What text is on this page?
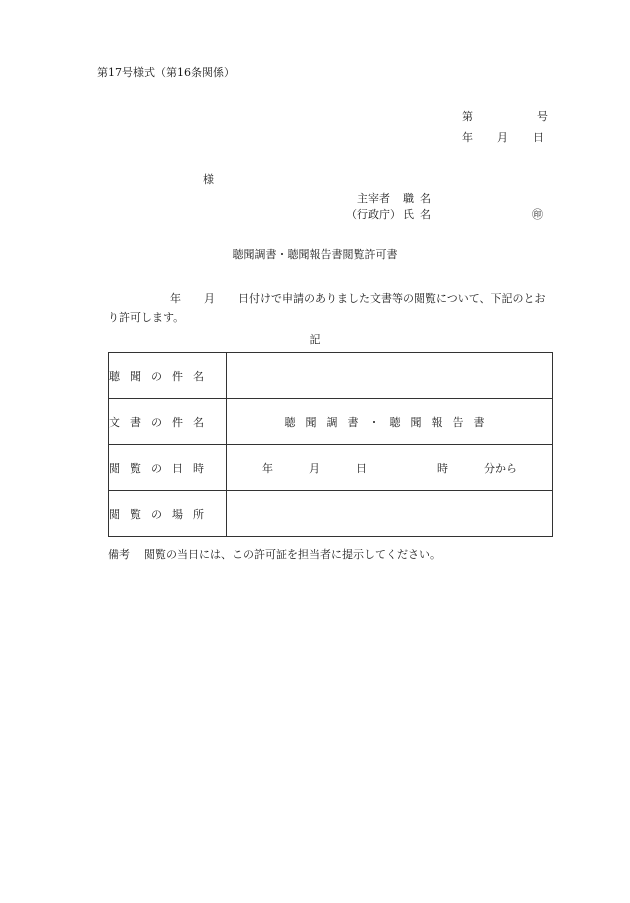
第17号様式（第16条関係）
第	号
年 月 日
様
主宰者 職名
（行政庁） 氏名	㊞
聴聞調書・聴聞報告書閲覧許可書
年 月 日付けで申請のありました文書等の閲覧について、下記のとお
り許可します。
記
聴聞の件名	
文書の件名	聴聞調書・聴聞報告書
閲覧の日時	年 月 日 時 分から
閲覧の場所	
備考 閲覧の当日には、この許可証を担当者に提示してください。
